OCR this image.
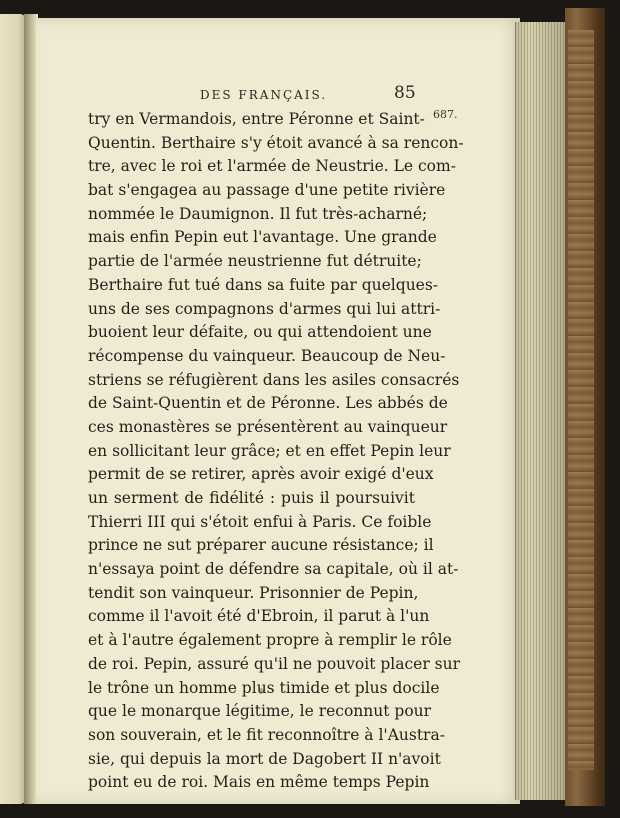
DES FRANÇAIS.	85
687.
try en Vermandois, entre Péronne et Saint-
Quentin. Berthaire s'y étoit avancé à sa rencon-
tre, avec le roi et l'armée de Neustrie. Le com-
bat s'engagea au passage d'une petite rivière
nommée le Daumignon. Il fut très-acharné;
mais enfin Pepin eut l'avantage. Une grande
partie de l'armée neustrienne fut détruite;
Berthaire fut tué dans sa fuite par quelques-
uns de ses compagnons d'armes qui lui attri-
buoient leur défaite, ou qui attendoient une
récompense du vainqueur. Beaucoup de Neu-
striens se réfugièrent dans les asiles consacrés
de Saint-Quentin et de Péronne. Les abbés de
ces monastères se présentèrent au vainqueur
en sollicitant leur grâce; et en effet Pepin leur
permit de se retirer, après avoir exigé d'eux
un serment de fidélité : puis il poursuivit
Thierri III qui s'étoit enfui à Paris. Ce foible
prince ne sut préparer aucune résistance; il
n'essaya point de défendre sa capitale, où il at-
tendit son vainqueur. Prisonnier de Pepin,
comme il l'avoit été d'Ebroin, il parut à l'un
et à l'autre également propre à remplir le rôle
de roi. Pepin, assuré qu'il ne pouvoit placer sur
le trône un homme plus timide et plus docile
que le monarque légitime, le reconnut pour
son souverain, et le fit reconnoître à l'Austra-
sie, qui depuis la mort de Dagobert II n'avoit
point eu de roi. Mais en même temps Pepin
